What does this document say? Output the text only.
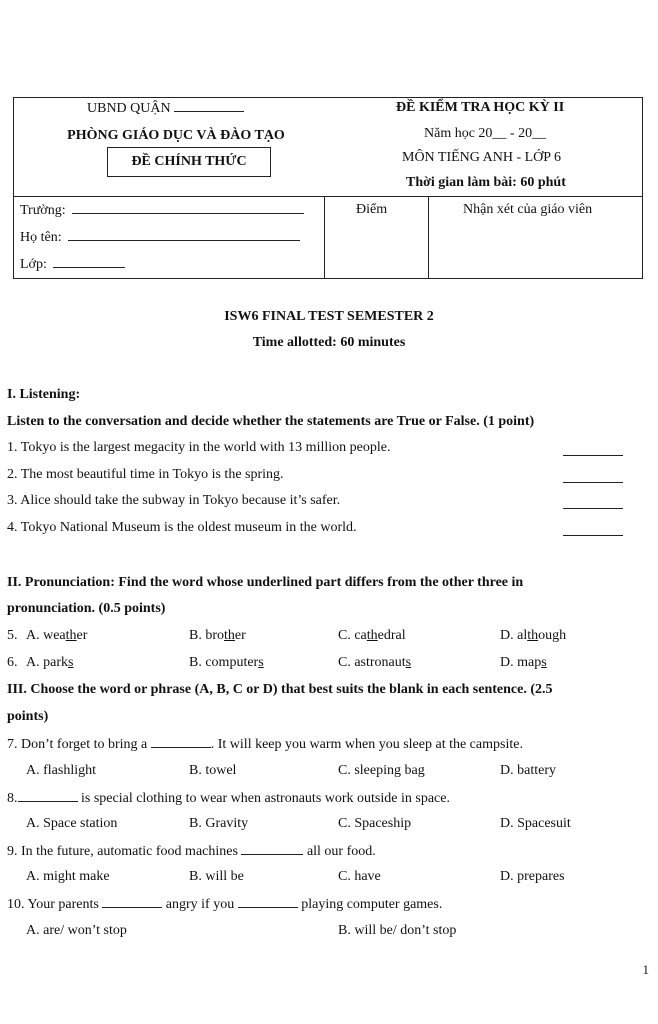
UBND QUẬN
PHÒNG GIÁO DỤC VÀ ĐÀO TẠO
ĐỀ CHÍNH THỨC
ĐỀ KIỂM TRA HỌC KỲ II
Năm học 20__ - 20__
MÔN TIẾNG ANH - LỚP 6
Thời gian làm bài: 60 phút
Trường:
Họ tên:
Lớp:
Điểm	Nhận xét của giáo viên
ISW6 FINAL TEST SEMESTER 2
Time allotted: 60 minutes
I. Listening:
Listen to the conversation and decide whether the statements are True or False. (1 point)
1. Tokyo is the largest megacity in the world with 13 million people.
2. The most beautiful time in Tokyo is the spring.
3. Alice should take the subway in Tokyo because it’s safer.
4. Tokyo National Museum is the oldest museum in the world.
II. Pronunciation: Find the word whose underlined part differs from the other three in
pronunciation. (0.5 points)
5. A. weather	B. brother	C. cathedral	D. although
6. A. parks	B. computers	C. astronauts	D. maps
III. Choose the word or phrase (A, B, C or D) that best suits the blank in each sentence. (2.5
points)
7. Don’t forget to bring a	. It will keep you warm when you sleep at the campsite.
A. flashlight	B. towel	C. sleeping bag	D. battery
8.	is special clothing to wear when astronauts work outside in space.
A. Space station	B. Gravity	C. Spaceship	D. Spacesuit
9. In the future, automatic food machines	all our food.
A. might make	B. will be	C. have	D. prepares
10. Your parents	angry if you	playing computer games.
A. are/ won’t stop	B. will be/ don’t stop
1
